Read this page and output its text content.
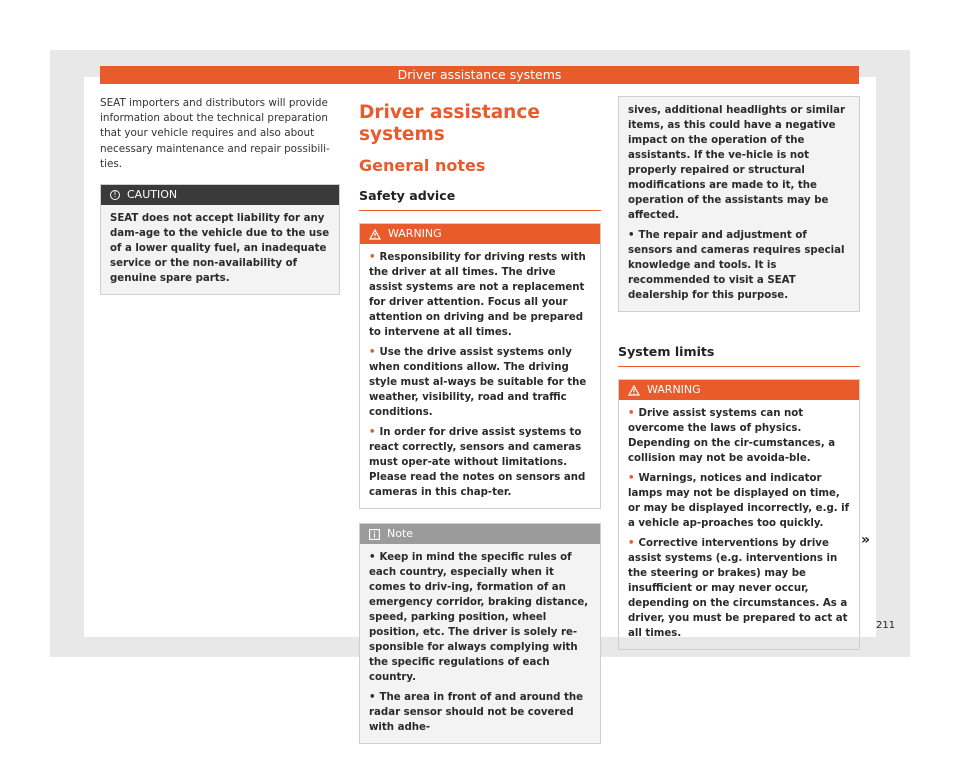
Driver assistance systems

SEAT importers and distributors will provide information about the technical preparation that your vehicle requires and also about necessary maintenance and repair possibili-ties.

! CAUTION

SEAT does not accept liability for any dam-age to the vehicle due to the use of a lower quality fuel, an inadequate service or the non-availability of genuine spare parts.

Driver assistance systems
General notes
Safety advice
WARNING

• Responsibility for driving rests with the driver at all times. The drive assist systems are not a replacement for driver attention. Focus all your attention on driving and be prepared to intervene at all times.

• Use the drive assist systems only when conditions allow. The driving style must al-ways be suitable for the weather, visibility, road and traffic conditions.

• In order for drive assist systems to react correctly, sensors and cameras must oper-ate without limitations. Please read the notes on sensors and cameras in this chap-ter.

Note

• Keep in mind the specific rules of each country, especially when it comes to driv-ing, formation of an emergency corridor, braking distance, speed, parking position, wheel position, etc. The driver is solely re-sponsible for always complying with the specific regulations of each country.

• The area in front of and around the radar sensor should not be covered with adhe-

sives, additional headlights or similar items, as this could have a negative impact on the operation of the assistants. If the ve-hicle is not properly repaired or structural modifications are made to it, the operation of the assistants may be affected.

• The repair and adjustment of sensors and cameras requires special knowledge and tools. It is recommended to visit a SEAT dealership for this purpose.

System limits
WARNING

• Drive assist systems can not overcome the laws of physics. Depending on the cir-cumstances, a collision may not be avoida-ble.

• Warnings, notices and indicator lamps may not be displayed on time, or may be displayed incorrectly, e.g. if a vehicle ap-proaches too quickly.

• Corrective interventions by drive assist systems (e.g. interventions in the steering or brakes) may be insufficient or may never occur, depending on the circumstances. As a driver, you must be prepared to act at all times.

»
211
